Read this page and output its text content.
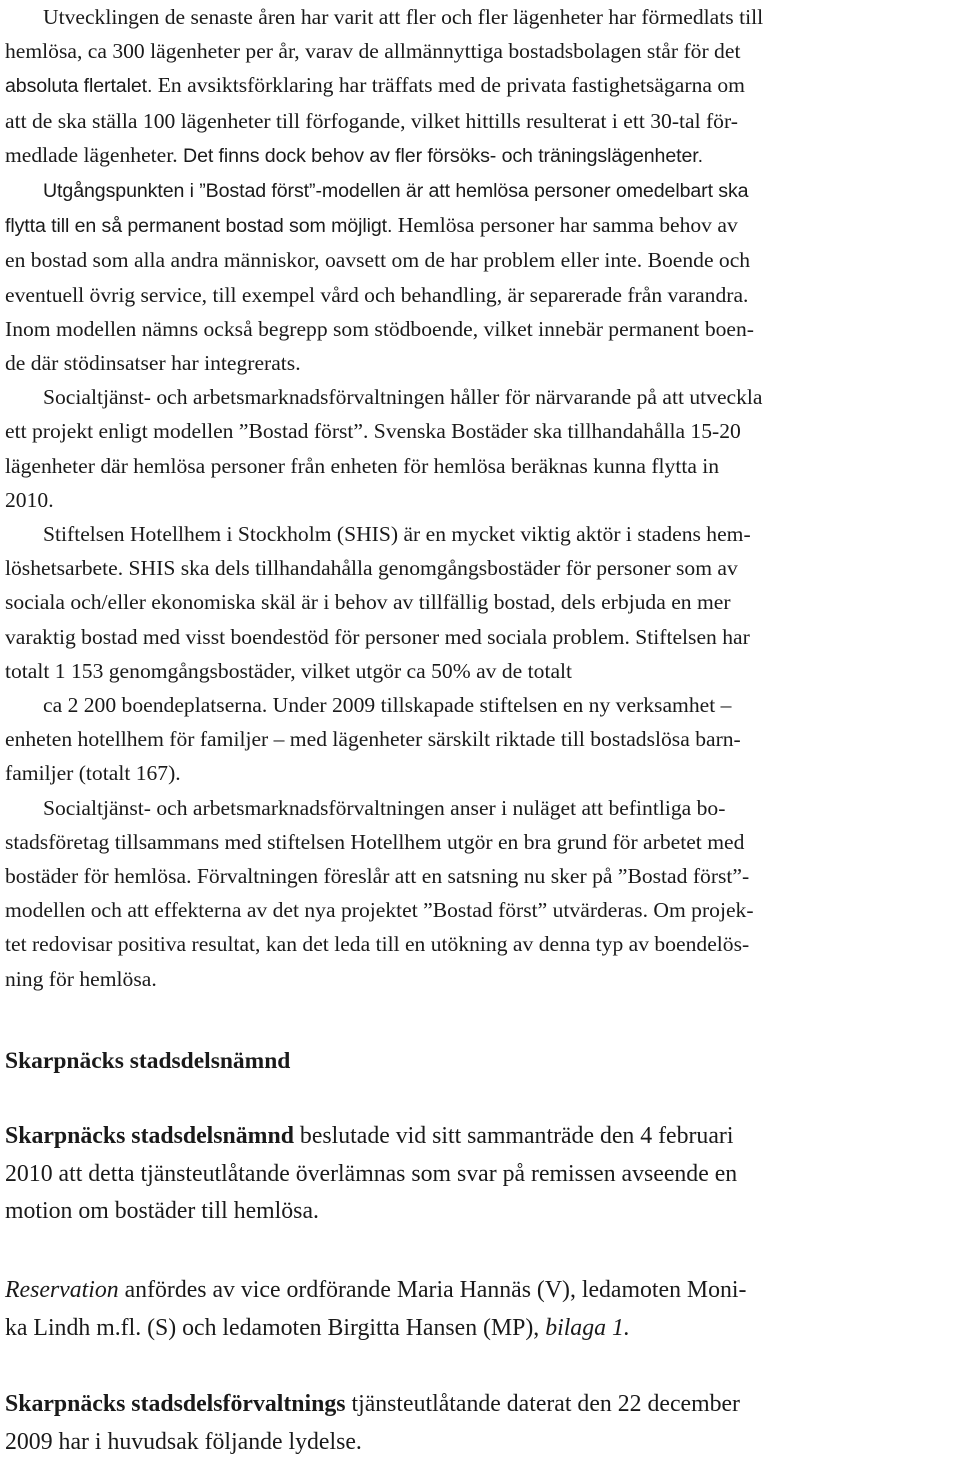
Utvecklingen de senaste åren har varit att fler och fler lägenheter har förmedlats till
hemlösa, ca 300 lägenheter per år, varav de allmännyttiga bostadsbolagen står för det
absoluta flertalet. En avsiktsförklaring har träffats med de privata fastighetsägarna om
att de ska ställa 100 lägenheter till förfogande, vilket hittills resulterat i ett 30-tal för-
medlade lägenheter. Det finns dock behov av fler försöks- och träningslägenheter.
Utgångspunkten i ”Bostad först”-modellen är att hemlösa personer omedelbart ska
flytta till en så permanent bostad som möjligt. Hemlösa personer har samma behov av
en bostad som alla andra människor, oavsett om de har problem eller inte. Boende och
eventuell övrig service, till exempel vård och behandling, är separerade från varandra.
Inom modellen nämns också begrepp som stödboende, vilket innebär permanent boen-
de där stödinsatser har integrerats.
Socialtjänst- och arbetsmarknadsförvaltningen håller för närvarande på att utveckla
ett projekt enligt modellen ”Bostad först”. Svenska Bostäder ska tillhandahålla 15-20
lägenheter där hemlösa personer från enheten för hemlösa beräknas kunna flytta in
2010.
Stiftelsen Hotellhem i Stockholm (SHIS) är en mycket viktig aktör i stadens hem-
löshetsarbete. SHIS ska dels tillhandahålla genomgångsbostäder för personer som av
sociala och/eller ekonomiska skäl är i behov av tillfällig bostad, dels erbjuda en mer
varaktig bostad med visst boendestöd för personer med sociala problem. Stiftelsen har
totalt 1 153 genomgångsbostäder, vilket utgör ca 50% av de totalt
ca 2 200 boendeplatserna. Under 2009 tillskapade stiftelsen en ny verksamhet –
enheten hotellhem för familjer – med lägenheter särskilt riktade till bostadslösa barn-
familjer (totalt 167).
Socialtjänst- och arbetsmarknadsförvaltningen anser i nuläget att befintliga bo-
stadsföretag tillsammans med stiftelsen Hotellhem utgör en bra grund för arbetet med
bostäder för hemlösa. Förvaltningen föreslår att en satsning nu sker på ”Bostad först”-
modellen och att effekterna av det nya projektet ”Bostad först” utvärderas. Om projek-
tet redovisar positiva resultat, kan det leda till en utökning av denna typ av boendelös-
ning för hemlösa.
Skarpnäcks stadsdelsnämnd
Skarpnäcks stadsdelsnämnd beslutade vid sitt sammanträde den 4 februari
2010 att detta tjänsteutlåtande överlämnas som svar på remissen avseende en
motion om bostäder till hemlösa.
Reservation anfördes av vice ordförande Maria Hannäs (V), ledamoten Moni-
ka Lindh m.fl. (S) och ledamoten Birgitta Hansen (MP), bilaga 1.
Skarpnäcks stadsdelsförvaltnings tjänsteutlåtande daterat den 22 december
2009 har i huvudsak följande lydelse.
